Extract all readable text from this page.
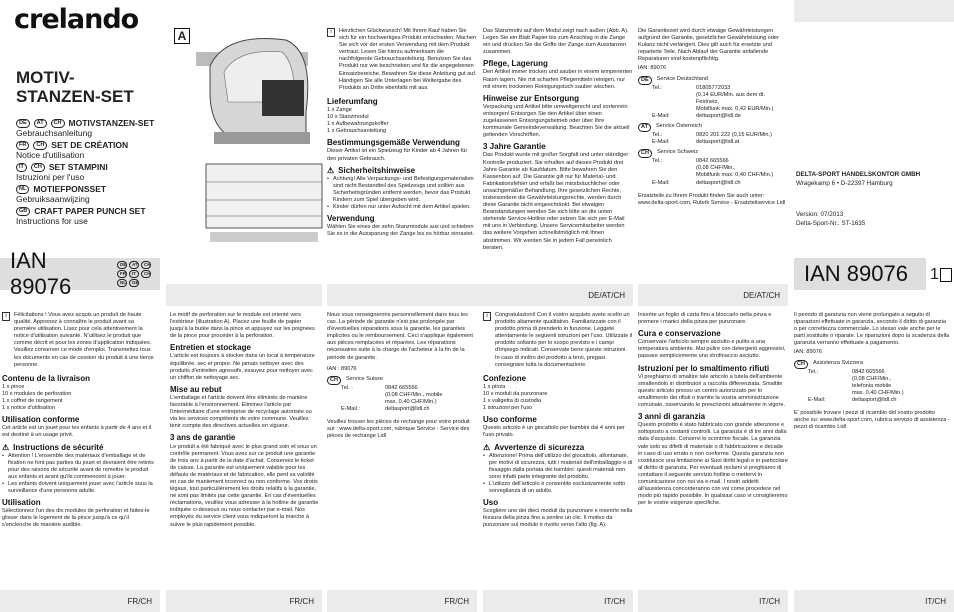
crelando
MOTIV-
STANZEN-SET
DE	AT	CH MOTIVSTANZEN-SET
Gebrauchsanleitung
FR	CH SET DE CRÉATION
Notice d'utilisation
IT	CH SET STAMPINI
Istruzioni per l'uso
NL MOTIEFPONSSET
Gebruiksaanwijzing
GB CRAFT PAPER PUNCH SET
Instructions for use
IAN 89076
DE	AT	CH
FR	IT	CH
NL	GB
A	i	Herzlichen Glückwunsch! Mit Ihrem Kauf haben Sie sich für ein hochwertiges Produkt entschieden. Machen Sie sich vor der ersten Verwendung mit dem Produkt vertraut. Lesen Sie hierzu aufmerksam die nachfolgende Gebrauchsanleitung. Benutzen Sie das Produkt nur wie beschrieben und für die angegebenen Einsatzbereiche. Bewahren Sie diese Anleitung gut auf. Händigen Sie alle Unterlagen bei Weitergabe des Produkts an Dritte ebenfalls mit aus.

Lieferumfang
1 x Zange
10 x Stanzmodul
1 x Aufbewahrungskoffer
1 x Gebrauchsanleitung
Bestimmungsgemäße Verwendung

Dieser Artikel ist ein Spielzeug für Kinder ab 4 Jahren für den privaten Gebrauch.

⚠ Sicherheitshinweise
• Achtung! Alle Verpackungs- und Befestigungsmaterialien sind nicht Bestandteil des Spielzeugs und sollten aus Sicherheitsgründen entfernt werden, bevor das Produkt Kindern zum Spiel übergeben wird.
• Kinder dürfen nur unter Aufsicht mit dem Artikel spielen.
Verwendung

Wählen Sie eines der zehn Stanzmodule aus und schieben Sie es in die Aussparung der Zange bis es hörbar einrastet.

Das Stanzmotiv auf dem Modul zeigt nach außen (Abb. A). Legen Sie ein Blatt Papier bis zum Anschlag in die Zange ein und drücken Sie die Griffe der Zange zum Ausstanzen zusammen.

Pflege, Lagerung

Den Artikel immer trocken und sauber in einem temperierten Raum lagern. Nie mit scharfen Pflegemitteln reinigen, nur mit einem trockenen Reinigungstuch sauber wischen.

Hinweise zur Entsorgung

Verpackung und Artikel bitte umweltgerecht und sortenrein entsorgen! Entsorgen Sie den Artikel über einen zugelassenen Entsorgungsbetrieb oder über Ihre kommunale Gemeindeverwaltung. Beachten Sie die aktuell geltenden Vorschriften.

3 Jahre Garantie

Das Produkt wurde mit großer Sorgfalt und unter ständiger Kontrolle produziert. Sie erhalten auf dieses Produkt drei Jahre Garantie ab Kaufdatum. Bitte bewahren Sie den Kassenbon auf. Die Garantie gilt nur für Material- und Fabrikationsfehler und erfaßt bei missbräuchlicher oder unsachgemäßer Behandlung. Ihre gesetzlichen Rechte, insbesondere die Gewährleistungsrechte, werden durch diese Garantie nicht eingeschränkt. Bei etwaigen Beanstandungen wenden Sie sich bitte an die unten stehende Service-Hotline oder setzen Sie sich per E-Mail mit uns in Verbindung. Unsere Servicemitarbeiter werden das weitere Vorgehen schnellstmöglich mit Ihnen abstimmen. Wir werden Sie in jedem Fall persönlich beraten.

Die Garantiezeit wird durch etwaige Gewährleistungen aufgrund der Garantie, gesetzlicher Gewährleistung oder Kulanz nicht verlängert. Dies gilt auch für ersetzte und reparierte Teile. Nach Ablauf der Garantie anfallende Reparaturen sind kostenpflichtig.

IAN: 89076

DE	Service Deutschland
Tel.:	01805772033
(0,14 EUR/Min. aus dem dt. Festnetz,
Mobilfunk max. 0,42 EUR/Min.)
E-Mail:	deltasport@lidl.de
AT	Service Österreich
Tel.:	0820 201 222 (0,15 EUR/Min.)
E-Mail:	deltasport@lidl.at
CH	Service Schweiz
Tel.:	0842 665566
(0,08 CHF/Min.,
Mobilfunk max. 0,40 CHF/Min.)
E-Mail:	deltasport@lidl.ch

Ersatzteile zu Ihrem Produkt finden Sie auch unter: www.delta-sport.com, Rubrik Service - Ersatzteilservice Lidl

DELTA-SPORT HANDELSKONTOR GMBH
Wragekamp 6 • D-22397 Hamburg
Version: 07/2013
Delta-Sport-Nr.: ST-1635
IAN 89076 1
DE/AT/CH	DE/AT/CH
i	Félicitations ! Vous avez acquis un produit de haute qualité. Apprenez à connaître le produit avant sa première utilisation. Lisez pour cela attentivement la notice d'utilisation suivante. N'utilisez le produit que comme décrit et pour les zones d'application indiquées. Veuillez conserver ce mode d'emploi. Transmettez tous les documents en cas de cession du produit à une tierce personne.

Contenu de la livraison
1 x pince
10 x modules de perforation
1 x coffret de rangement
1 x notice d'utilisation
Utilisation conforme

Cet article est un jouet pour les enfants à partir de 4 ans et il est destiné à un usage privé.

⚠ Instructions de sécurité
• Attention ! L'ensemble des matériaux d'emballage et de fixation ne font pas parties du jouet et devraient être retirés pour des raisons de sécurité avant de remettre le produit aux enfants et avant qu'ils commencent à jouer.
• Les enfants doivent uniquement jouer avec l'article sous la surveillance d'une personne adulte.
Utilisation

Sélectionnez l'un des dix modules de perforation et faites-le glisser dans le logement de la pince jusqu'à ce qu'il s'enclenche de manière audible.

Le motif de perforation sur le module est orienté vers l'extérieur (illustration A). Placez une feuille de papier jusqu'à la butée dans la pince et appuyez sur les poignées de la pince pour procéder à la perforation.

Entretien et stockage

L'article est toujours à stocker dans un local à température équilibrée, sec et propre. Ne jamais nettoyer avec des produits d'entretien agressifs, essuyez pour nettoyer avec un chiffon de nettoyage sec.

Mise au rebut

L'emballage et l'article doivent être éliminés de manière favorable à l'environnement. Eliminez l'article par l'intermédiaire d'une entreprise de recyclage autorisée ou via les services compétents de votre commune. Veuillez tenir compte des directives actuelles en vigueur.

3 ans de garantie

Le produit a été fabriqué avec le plus grand soin et sous un contrôle permanent. Vous avez sur ce produit une garantie de trois ans à partir de la date d'achat. Conservez le ticket de caisse. La garantie est uniquement valable pour les défauts de matériaux et de fabrication, elle perd sa validité en cas de maniement incorrect ou non conforme. Vos droits légaux, tout particulièrement les droits relatifs à la garantie, ne sont pas limités par cette garantie. En cas d'éventuelles réclamations, veuillez vous adresser à la hotline de garantie indiquée ci-dessous ou nous contacter par e-mail. Nos employés du service client vous indiqueront la marche à suivre le plus rapidement possible.

Nous vous renseignerons personnellement dans tous les cas. La période de garantie n'est pas prolongée par d'éventuelles réparations sous la garantie, les garanties implicites ou le remboursement. Ceci s'applique également aux pièces remplacées et réparées. Les réparations nécessaires suite à la charge de l'acheteur à la fin de la période de garantie.

IAN : 89076

CH	Service Suisse
Tel. :	0842 665566
(0,08 CHF/Min., mobile
max. 0,40 CHF/Min.)
E-Mail :	deltasport@lidl.ch

Veuillez trouver les pièces de rechange pour votre produit sur : www.delta-sport.com, rubrique Service - Service des pièces de rechange Lidl

i	Congratulazioni! Con il vostro acquisto avete scelto un prodotto altamente qualitativo. Familiarizzate con il prodotto prima di prenderlo in funzione. Leggete attentamente le seguenti istruzioni per l'uso. Utilizzate il prodotto soltanto per lo scopo previsto e i campi d'impiego indicati. Conservate bene queste istruzioni. In caso di inoltro del prodotto a terzi, pregasi consegnare tutta la documentazione.

Confezione
1 x pinza
10 x moduli da punzonare
1 x valigetta di custodia
1 istruzioni per l'uso
Uso conforme

Questo articolo è un giocattolo per bambini dai 4 anni per l'uso privato.

⚠ Avvertenze di sicurezza
• Attenzione! Prima dell'utilizzo del giocattolo, allontanate, per motivi di sicurezza, tutti i materiali dell'imballaggio e di fissaggio dalla portata dei bambini: questi materiali non sono infatti parte integrante del prodotto.
• L'utilizzo dell'articolo è consentito esclusivamente sotto sorveglianza di un adulto.
Uso

Sceglière uno dei dieci moduli da punzonare e inserirlo nella fessura della pinza fino a sentire un clic. Il motivo da punzonare sul modulo è rivolto verso l'alto (fig. A).

Inserire un foglio di carta fino a bloccarlo nella pinza e premere i manici della pinza per punzonare.

Cura e conservazione

Conservare l'articolo sempre asciutto e pulito a una temperatura ambiente. Mai pulire con detergenti aggressivi, passare semplicemente uno strofinaccio asciutto.

Istruzioni per lo smaltimento rifiuti

Vi preghiamo di smaltire tale articolo a tutela dell'ambiente smaltendolo in distributori a raccolta differenziata. Smaltite questo articolo presso un centro autorizzato per lo smaltimento dei rifiuti o tramite la vostra amministrazione comunale, osservando le prescrizioni attualmente in vigore.

3 anni di garanzia

Questo prodotto è stato fabbricato con grande attenzione e sottoposto a costanti controlli. La garanzia è di tre anni dalla data d'acquisto. Conservi lo scontrino fiscale. La garanzia vale solo su difetti di materiale o di fabbricazione e decade in caso di uso errato o non conforme. Questa garanzia non costituisce una limitazione ai Suoi diritti legali e in particolare al diritto di garanzia. Per eventuali reclami vi preghiamo di contattare il seguente servizio hotline o mettervi in comunicazione con noi via e-mail. I nostri addetti all'assistenza concorderanno con voi come procedere nel modo più rapido possibile. In qualsiasi caso vi consiglieremo per le vostre esigenze specifiche.

Il periodo di garanzia non viene prolungato a seguito di riparazioni effettuate in garanzia, secondo il diritto di garanzia o per correttezza commerciale. Lo stesso vale anche per le parti sostituite o riparate. Le riparazioni dopo la scadenza della garanzia verranno effettuate a pagamento.

IAN: 89076

CH	Assistenza Svizzera
Tel.:	0842 665566
(0,08 CHF/Min.,
telefonia mobile
max. 0,40 CHF/Min.)
E-Mail:	deltasport@lidl.ch

E' possibile trovare i pezzi di ricambio del vostro prodotto anche su: www.delta-sport.com, rubrica servizio di assistenza - pezzi di ricambio Lidl

FR/CH	FR/CH	FR/CH	IT/CH	IT/CH	IT/CH
